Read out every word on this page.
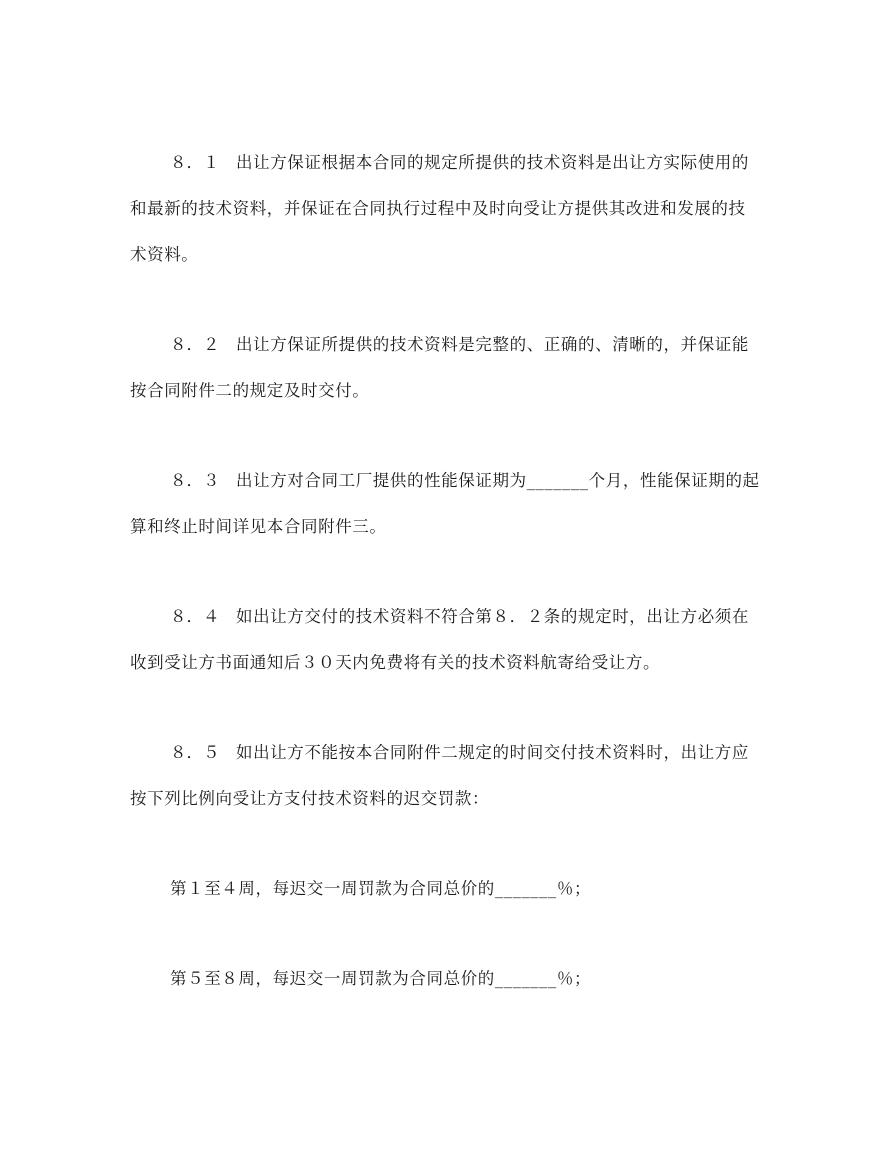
８．１ 出让方保证根据本合同的规定所提供的技术资料是出让方实际使用的
和最新的技术资料，并保证在合同执行过程中及时向受让方提供其改进和发展的技
术资料。

８．２ 出让方保证所提供的技术资料是完整的、正确的、清晰的，并保证能
按合同附件二的规定及时交付。

８．３ 出让方对合同工厂提供的性能保证期为_______个月，性能保证期的起
算和终止时间详见本合同附件三。

８．４ 如出让方交付的技术资料不符合第８．２条的规定时，出让方必须在
收到受让方书面通知后３０天内免费将有关的技术资料航寄给受让方。

８．５ 如出让方不能按本合同附件二规定的时间交付技术资料时，出让方应
按下列比例向受让方支付技术资料的迟交罚款：

第１至４周，每迟交一周罚款为合同总价的_______％；

第５至８周，每迟交一周罚款为合同总价的_______％；
